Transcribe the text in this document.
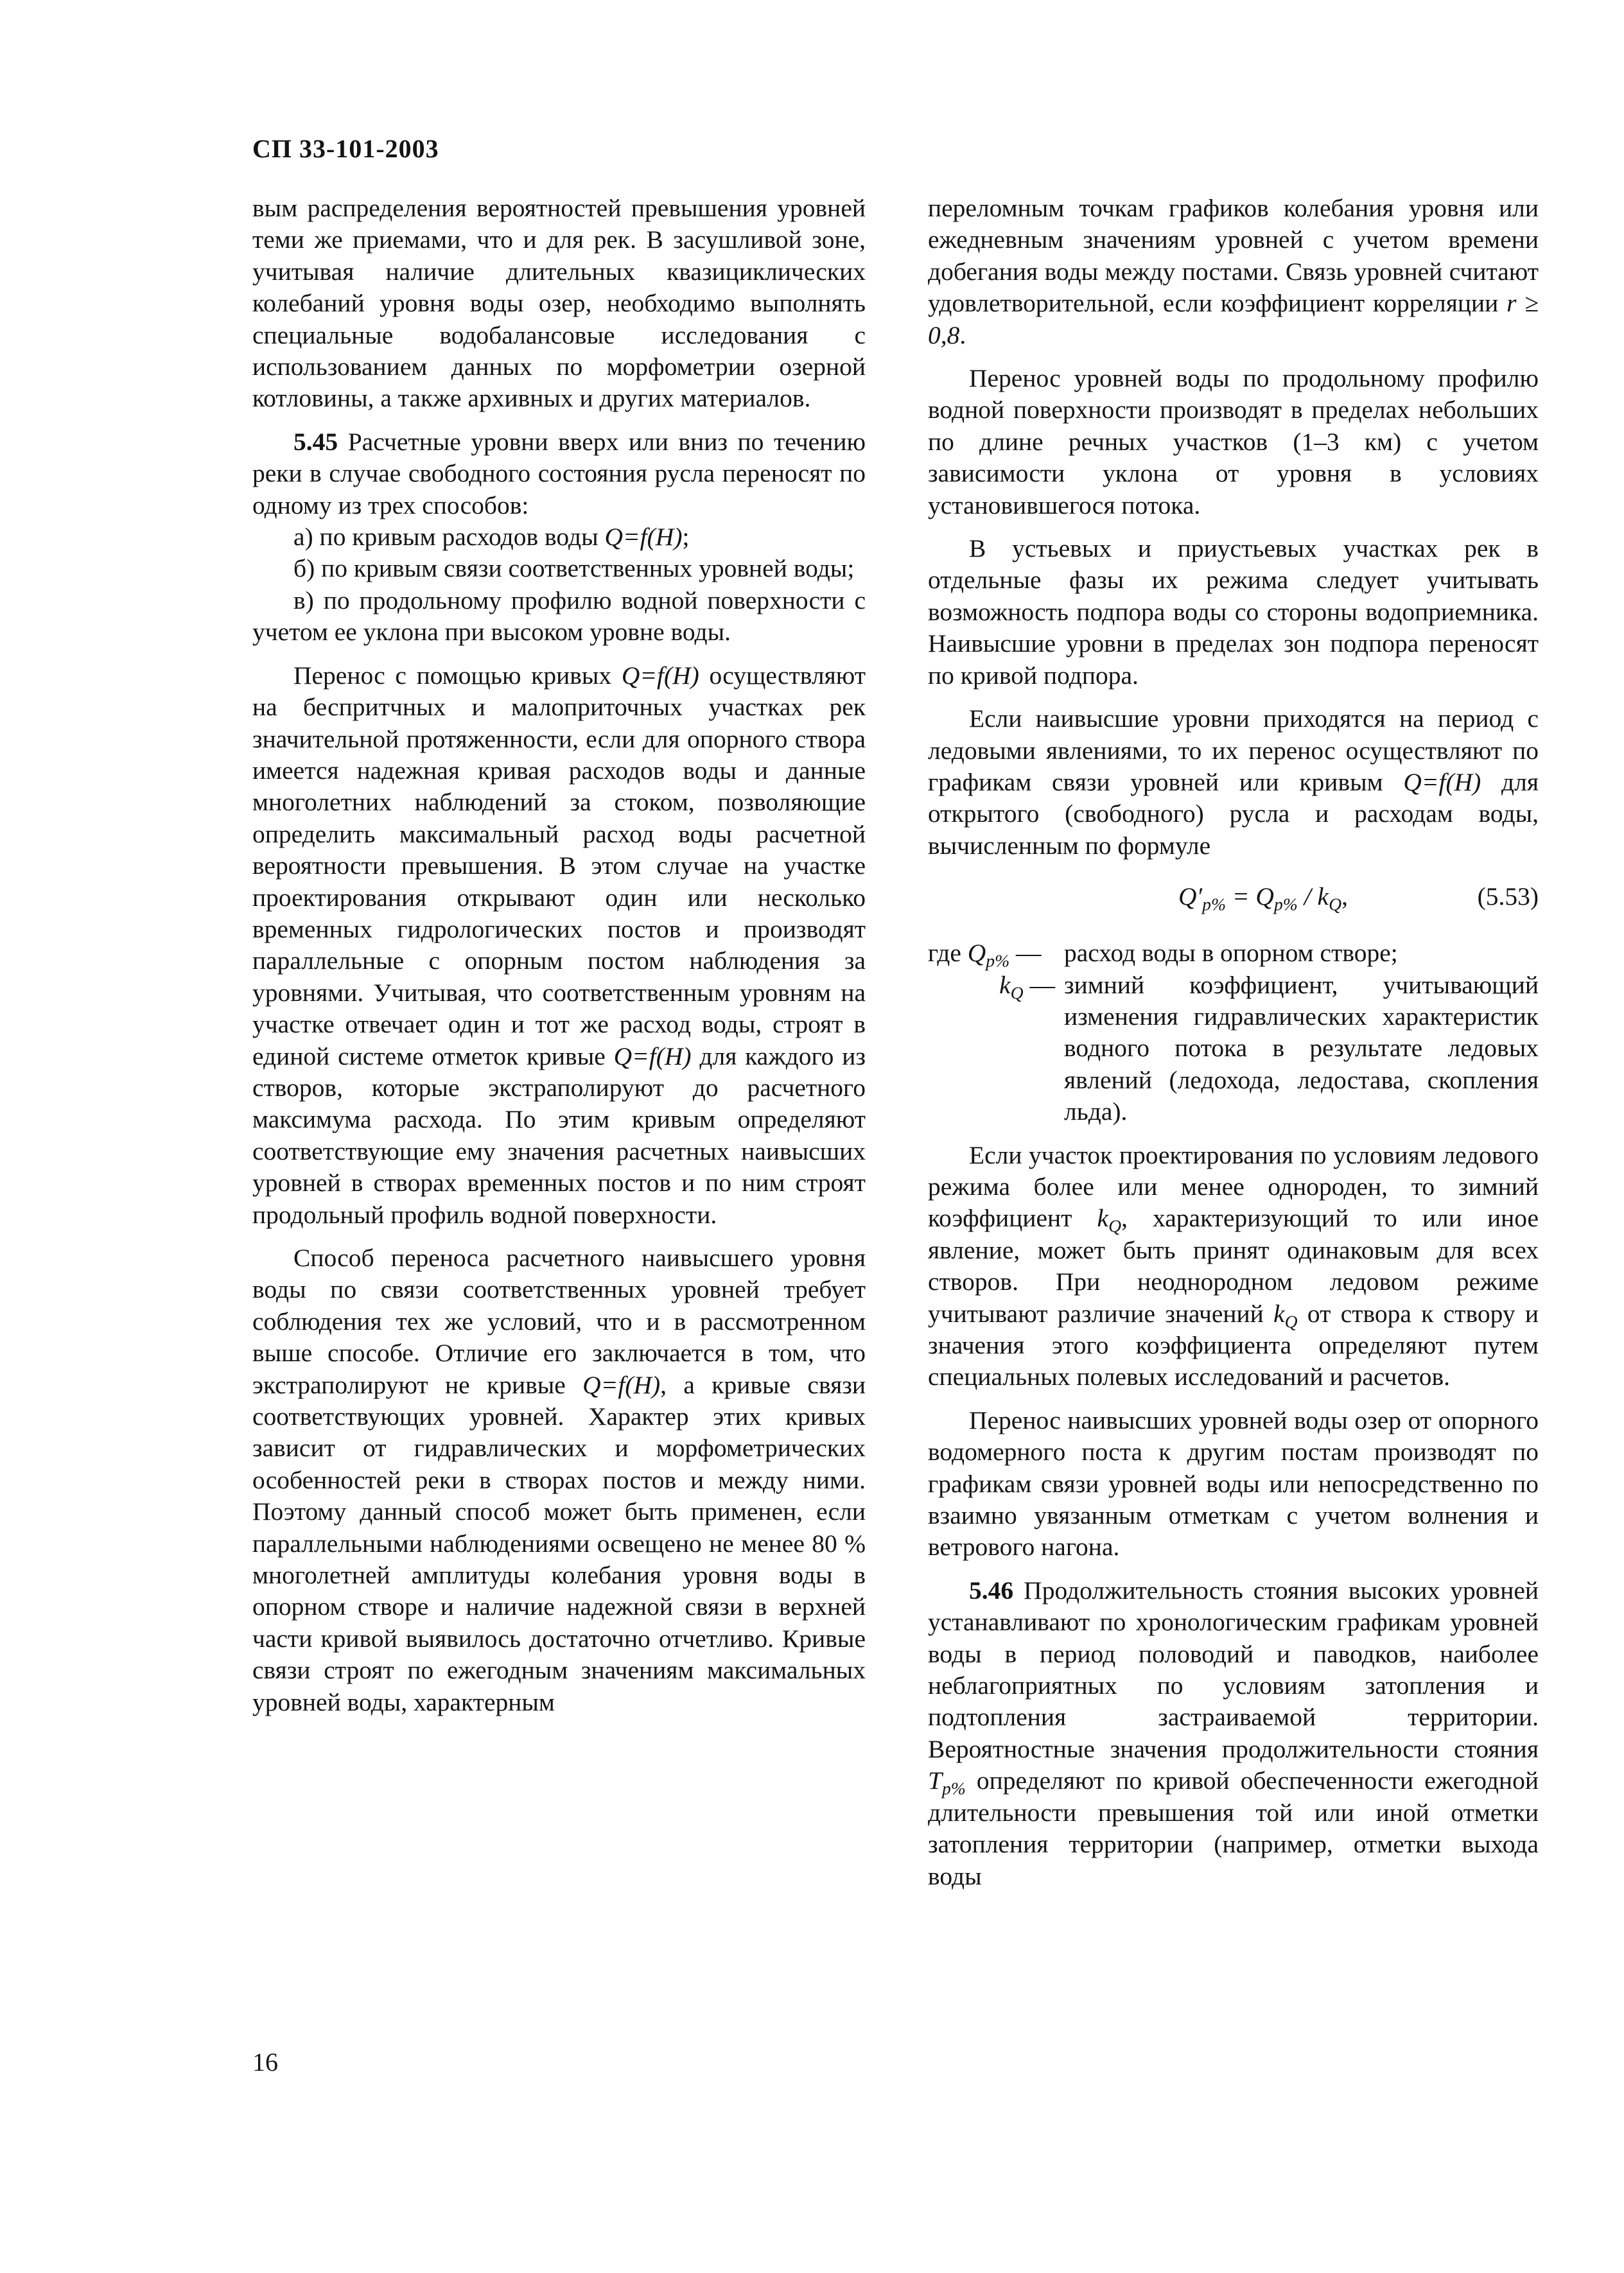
СП 33-101-2003

вым распределения вероятностей превышения уровней теми же приемами, что и для рек. В засушливой зоне, учитывая наличие длительных квазициклических колебаний уровня воды озер, необходимо выполнять специальные водобалансовые исследования с использованием данных по морфометрии озерной котловины, а также архивных и других материалов.

5.45 Расчетные уровни вверх или вниз по течению реки в случае свободного состояния русла переносят по одному из трех способов:

а) по кривым расходов воды Q=f(H);

б) по кривым связи соответственных уровней воды;

в) по продольному профилю водной поверхности с учетом ее уклона при высоком уровне воды.

Перенос с помощью кривых Q=f(H) осуществляют на беспритчных и малоприточных участках рек значительной протяженности, если для опорного створа имеется надежная кривая расходов воды и данные многолетних наблюдений за стоком, позволяющие определить максимальный расход воды расчетной вероятности превышения. В этом случае на участке проектирования открывают один или несколько временных гидрологических постов и производят параллельные с опорным постом наблюдения за уровнями. Учитывая, что соответственным уровням на участке отвечает один и тот же расход воды, строят в единой системе отметок кривые Q=f(H) для каждого из створов, которые экстраполируют до расчетного максимума расхода. По этим кривым определяют соответствующие ему значения расчетных наивысших уровней в створах временных постов и по ним строят продольный профиль водной поверхности.

Способ переноса расчетного наивысшего уровня воды по связи соответственных уровней требует соблюдения тех же условий, что и в рассмотренном выше способе. Отличие его заключается в том, что экстраполируют не кривые Q=f(H), а кривые связи соответствующих уровней. Характер этих кривых зависит от гидравлических и морфометрических особенностей реки в створах постов и между ними. Поэтому данный способ может быть применен, если параллельными наблюдениями освещено не менее 80 % многолетней амплитуды колебания уровня воды в опорном створе и наличие надежной связи в верхней части кривой выявилось достаточно отчетливо. Кривые связи строят по ежегодным значениям максимальных уровней воды, характерным

переломным точкам графиков колебания уровня или ежедневным значениям уровней с учетом времени добегания воды между постами. Связь уровней считают удовлетворительной, если коэффициент корреляции r ≥ 0,8.

Перенос уровней воды по продольному профилю водной поверхности производят в пределах небольших по длине речных участков (1–3 км) с учетом зависимости уклона от уровня в условиях установившегося потока.

В устьевых и приустьевых участках рек в отдельные фазы их режима следует учитывать возможность подпора воды со стороны водоприемника. Наивысшие уровни в пределах зон подпора переносят по кривой подпора.

Если наивысшие уровни приходятся на период с ледовыми явлениями, то их перенос осуществляют по графикам связи уровней или кривым Q=f(H) для открытого (свободного) русла и расходам воды, вычисленным по формуле

$Q'_{р\%} = Q_{р\%} / k_Q$,	(5.53)
где $Q_{р\%}$ — расход воды в опорном створе;
$k_Q$ — зимний коэффициент, учитывающий изменения гидравлических характеристик водного потока в результате ледовых явлений (ледохода, ледостава, скопления льда).

Если участок проектирования по условиям ледового режима более или менее однороден, то зимний коэффициент $k_Q$, характеризующий то или иное явление, может быть принят одинаковым для всех створов. При неоднородном ледовом режиме учитывают различие значений $k_Q$ от створа к створу и значения этого коэффициента определяют путем специальных полевых исследований и расчетов.

Перенос наивысших уровней воды озер от опорного водомерного поста к другим постам производят по графикам связи уровней воды или непосредственно по взаимно увязанным отметкам с учетом волнения и ветрового нагона.

5.46 Продолжительность стояния высоких уровней устанавливают по хронологическим графикам уровней воды в период половодий и паводков, наиболее неблагоприятных по условиям затопления и подтопления застраиваемой территории. Вероятностные значения продолжительности стояния $T_{р\%}$ определяют по кривой обеспеченности ежегодной длительности превышения той или иной отметки затопления территории (например, отметки выхода воды

16
